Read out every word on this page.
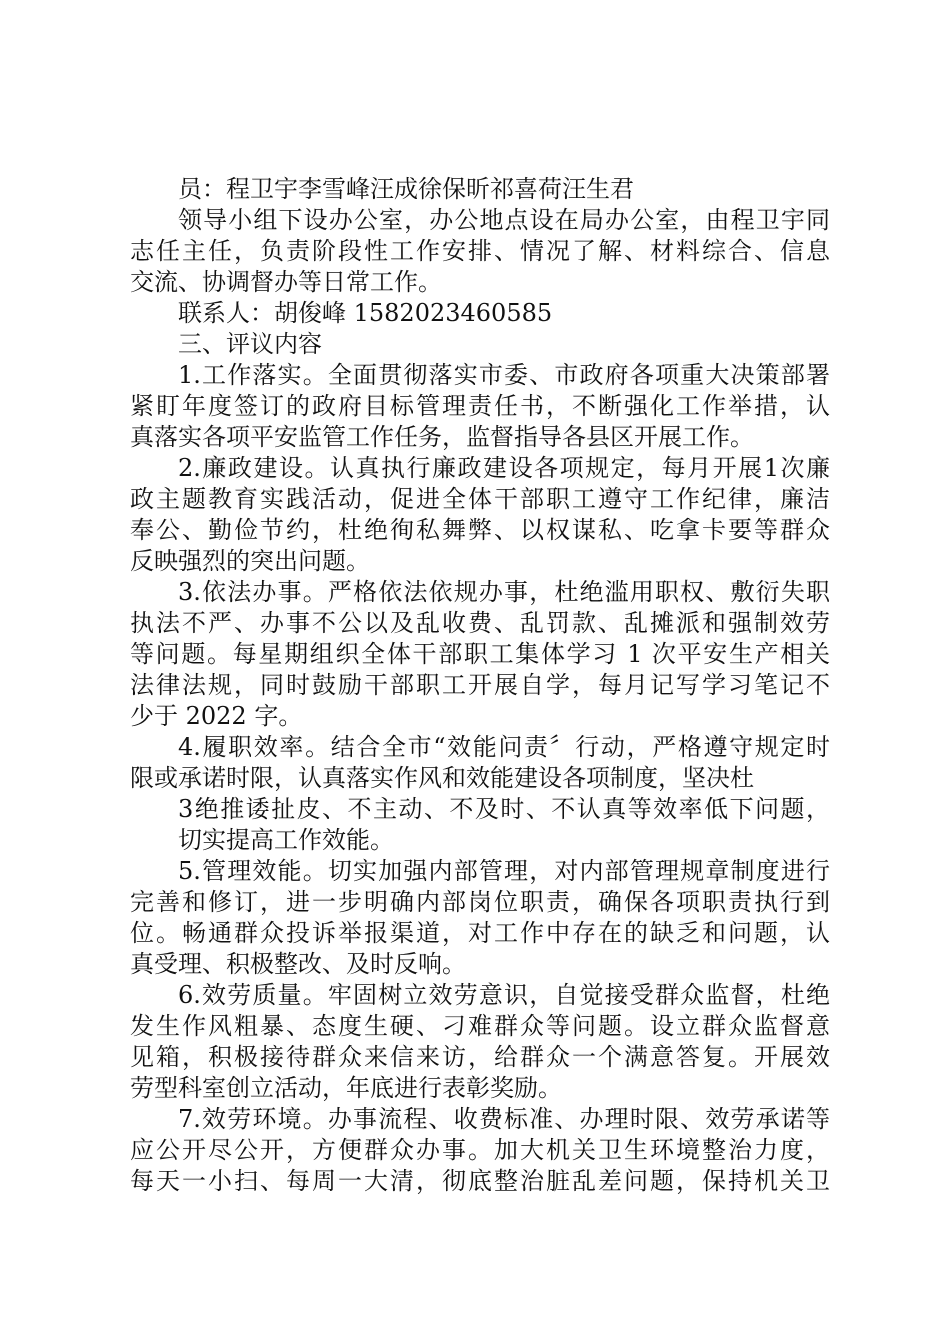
员：程卫宇李雪峰汪成徐保昕祁喜荷汪生君
领导小组下设办公室，办公地点设在局办公室，由程卫宇同
志任主任，负责阶段性工作安排、情况了解、材料综合、信息
交流、协调督办等日常工作。
联系人：胡俊峰 1582023460585
三、评议内容
1.工作落实。全面贯彻落实市委、市政府各项重大决策部署
紧盯年度签订的政府目标管理责任书，不断强化工作举措，认
真落实各项平安监管工作任务，监督指导各县区开展工作。
2.廉政建设。认真执行廉政建设各项规定，每月开展1次廉
政主题教育实践活动，促进全体干部职工遵守工作纪律，廉洁
奉公、勤俭节约，杜绝徇私舞弊、以权谋私、吃拿卡要等群众
反映强烈的突出问题。
3.依法办事。严格依法依规办事，杜绝滥用职权、敷衍失职
执法不严、办事不公以及乱收费、乱罚款、乱摊派和强制效劳
等问题。每星期组织全体干部职工集体学习 1 次平安生产相关
法律法规，同时鼓励干部职工开展自学，每月记写学习笔记不
少于 2022 字。
4.履职效率。结合全市“效能问责〞行动，严格遵守规定时
限或承诺时限，认真落实作风和效能建设各项制度，坚决杜
3绝推诿扯皮、不主动、不及时、不认真等效率低下问题，
切实提高工作效能。
5.管理效能。切实加强内部管理，对内部管理规章制度进行
完善和修订，进一步明确内部岗位职责，确保各项职责执行到
位。畅通群众投诉举报渠道，对工作中存在的缺乏和问题，认
真受理、积极整改、及时反响。
6.效劳质量。牢固树立效劳意识，自觉接受群众监督，杜绝
发生作风粗暴、态度生硬、刁难群众等问题。设立群众监督意
见箱，积极接待群众来信来访，给群众一个满意答复。开展效
劳型科室创立活动，年底进行表彰奖励。
7.效劳环境。办事流程、收费标准、办理时限、效劳承诺等
应公开尽公开，方便群众办事。加大机关卫生环境整治力度，
每天一小扫、每周一大清，彻底整治脏乱差问题，保持机关卫
